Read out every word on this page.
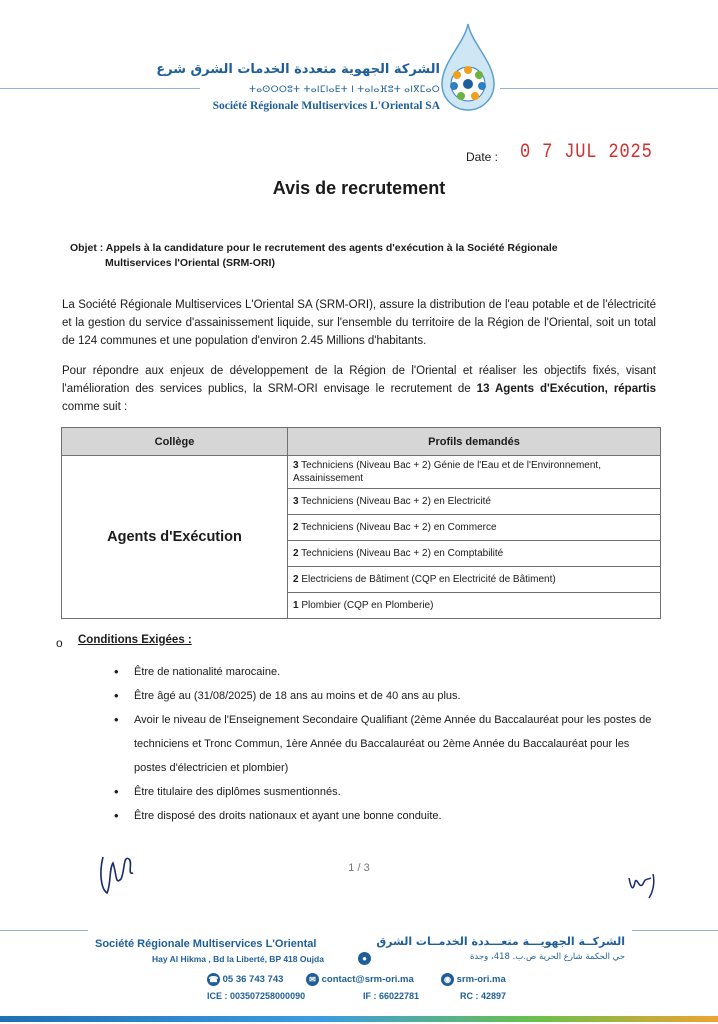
الشركة الجهوية متعددة الخدمات الشرق شرع
ⵜⴰⵙⵔⵔⵓⵜ ⵜⴰⵏⵎⵏⴰⴹⵜ ⵏ ⵜⴰⵏⴰⴼⵓⵜ ⴰⵏⴳⵎⴰⵔ
Société Régionale Multiservices L'Oriental SA
Date : 0 7 JUL 2025
Avis de recrutement
Objet : Appels à la candidature pour le recrutement des agents d'exécution à la Société Régionale
Multiservices l'Oriental (SRM-ORI)
La Société Régionale Multiservices L'Oriental SA (SRM-ORI), assure la distribution de l'eau potable et de l'électricité et la gestion du service d'assainissement liquide, sur l'ensemble du territoire de la Région de l'Oriental, soit un total de 124 communes et une population d'environ 2.45 Millions d'habitants.
Pour répondre aux enjeux de développement de la Région de l'Oriental et réaliser les objectifs fixés, visant l'amélioration des services publics, la SRM-ORI envisage le recrutement de 13 Agents d'Exécution, répartis comme suit :
Collège	Profils demandés
Agents d'Exécution	3 Techniciens (Niveau Bac + 2) Génie de l'Eau et de l'Environnement, Assainissement
	3 Techniciens (Niveau Bac + 2) en Electricité
	2 Techniciens (Niveau Bac + 2) en Commerce
	2 Techniciens (Niveau Bac + 2) en Comptabilité
	2 Electriciens de Bâtiment (CQP en Electricité de Bâtiment)
	1 Plombier (CQP en Plomberie)
o Conditions Exigées :
• Être de nationalité marocaine.
• Être âgé au (31/08/2025) de 18 ans au moins et de 40 ans au plus.
• Avoir le niveau de l'Enseignement Secondaire Qualifiant (2ème Année du Baccalauréat pour les postes de techniciens et Tronc Commun, 1ère Année du Baccalauréat ou 2ème Année du Baccalauréat pour les postes d'électricien et plombier)
• Être titulaire des diplômes susmentionnés.
• Être disposé des droits nationaux et ayant une bonne conduite.
1 / 3
Société Régionale Multiservices L'Oriental	الشركــة الجهويـــة متعـــددة الخدمــات الشرق
Hay Al Hikma , Bd la Liberté, BP 418 Oujda	●	حي الحكمة شارع الحرية ص.ب. 418، وجدة
☎ 05 36 743 743	✉ contact@srm-ori.ma	◉ srm-ori.ma
ICE : 003507258000090	IF : 66022781	RC : 42897
